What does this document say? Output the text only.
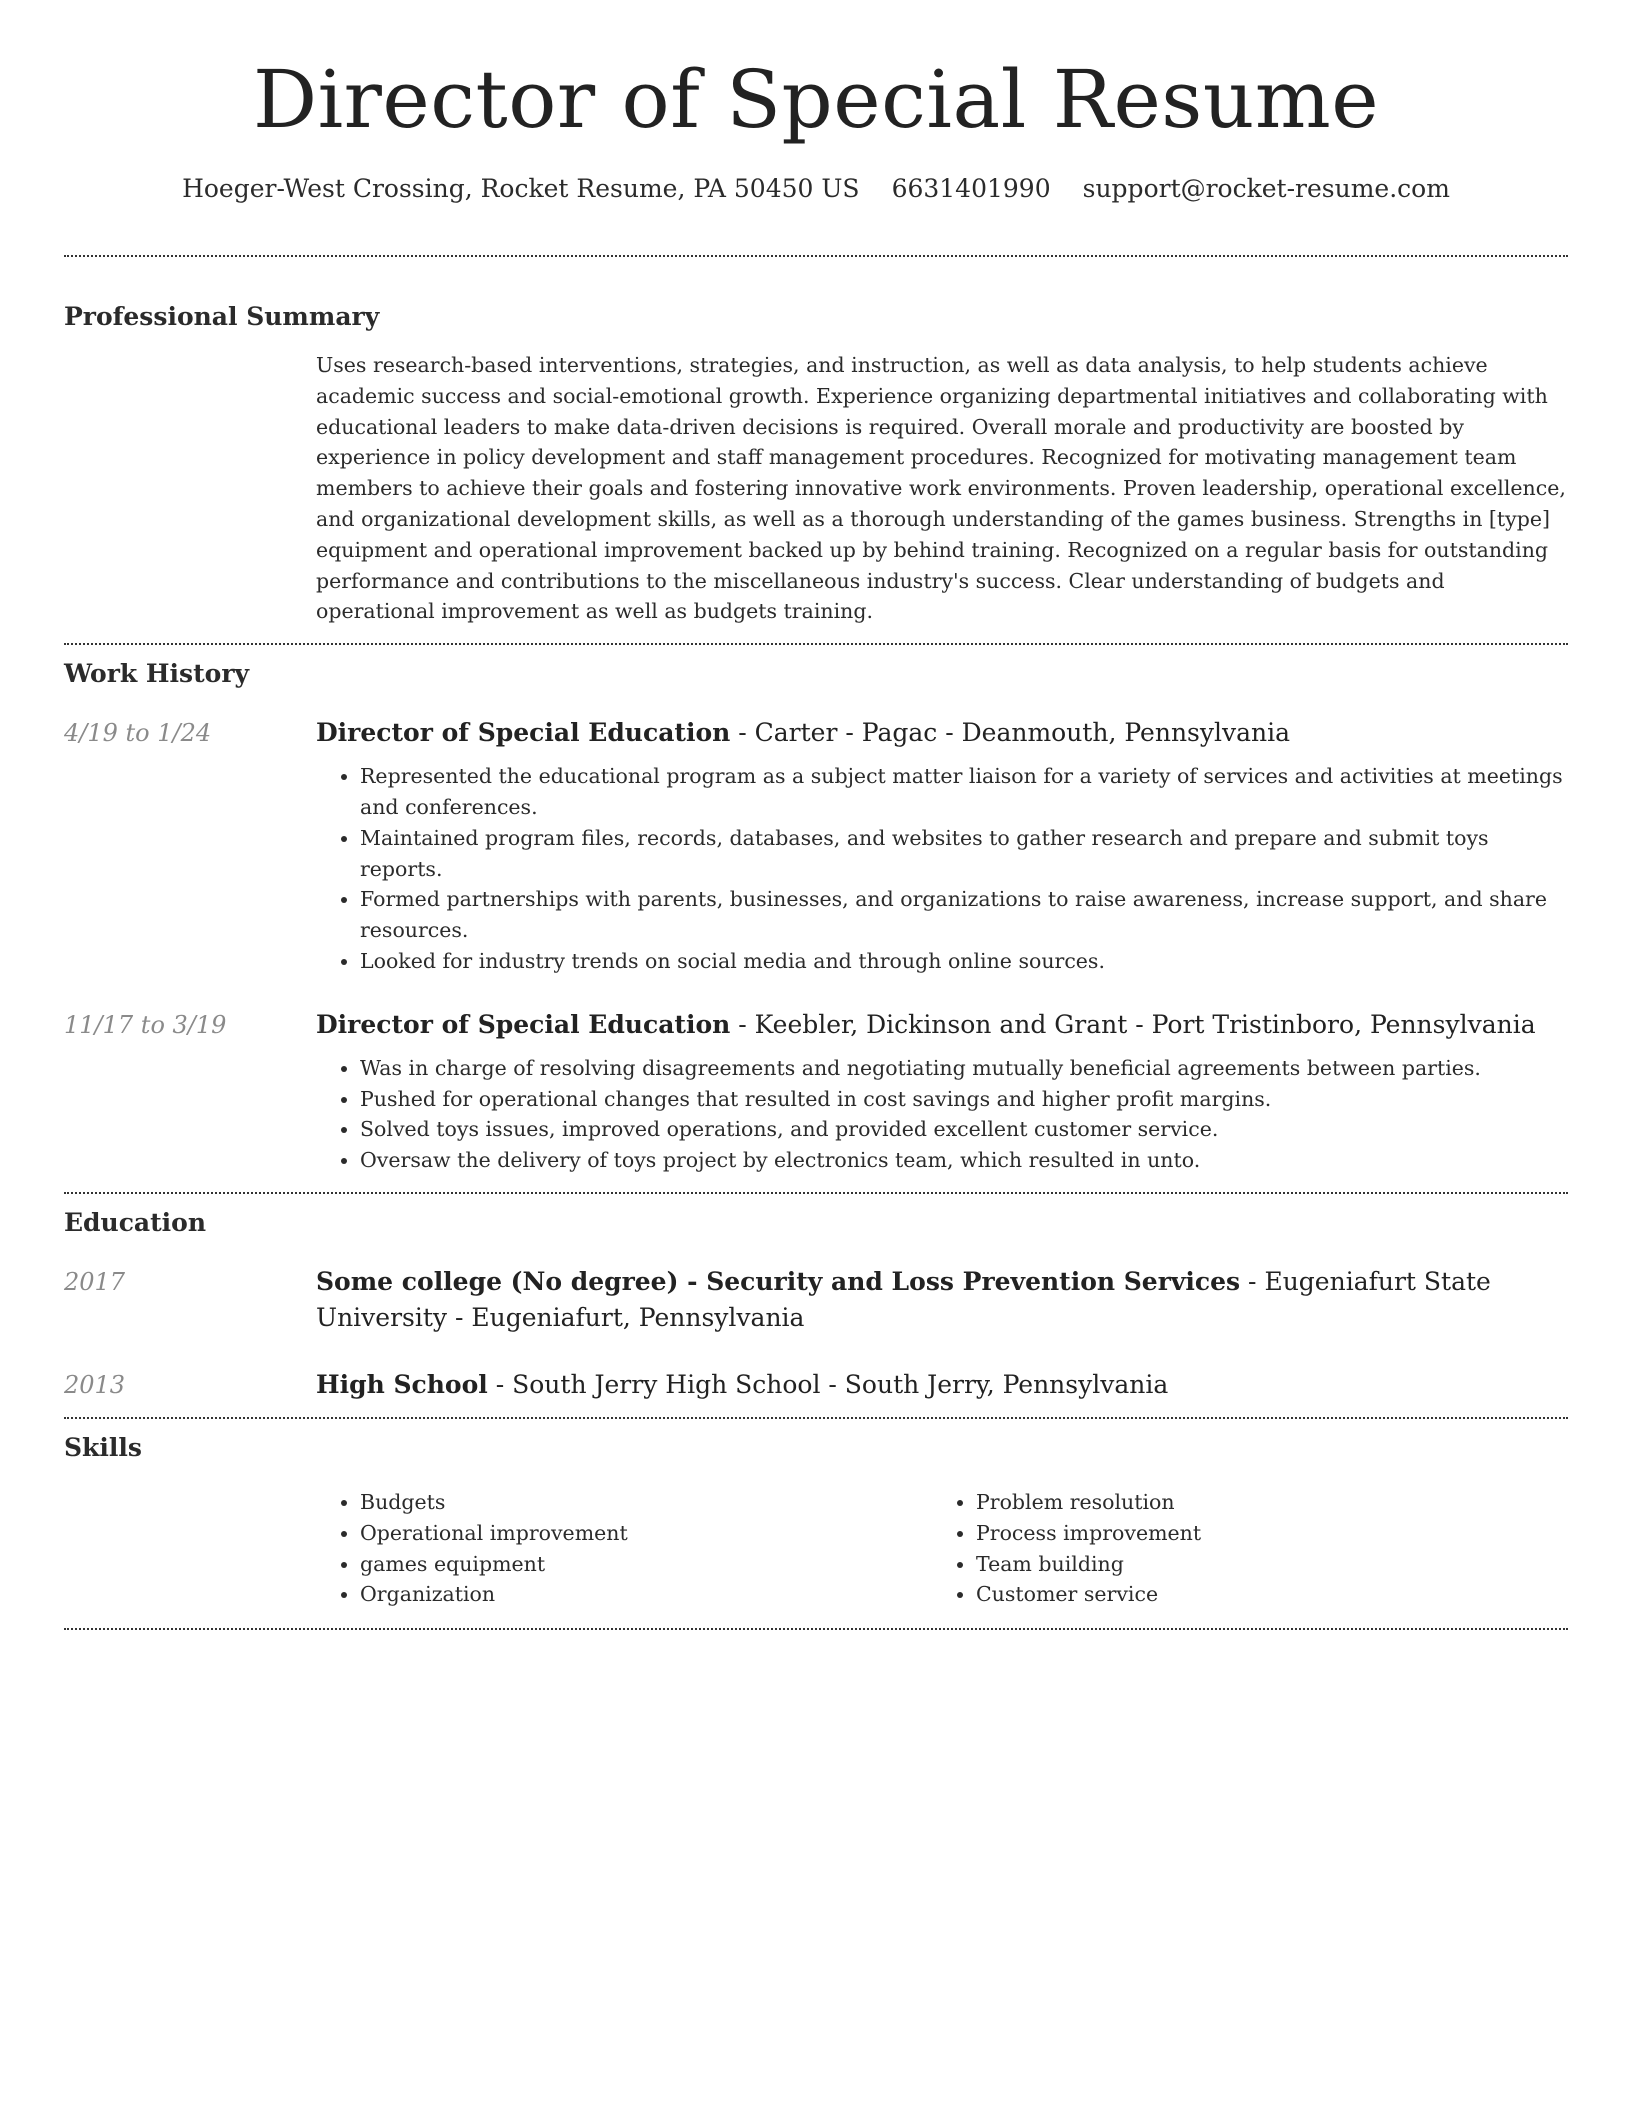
Director of Special Resume
Hoeger-West Crossing, Rocket Resume, PA 50450 US 6631401990 support@rocket-resume.com
Professional Summary
Uses research-based interventions, strategies, and instruction, as well as data analysis, to help students achieve academic success and social-emotional growth. Experience organizing departmental initiatives and collaborating with educational leaders to make data-driven decisions is required. Overall morale and productivity are boosted by experience in policy development and staff management procedures. Recognized for motivating management team members to achieve their goals and fostering innovative work environments. Proven leadership, operational excellence, and organizational development skills, as well as a thorough understanding of the games business. Strengths in [type] equipment and operational improvement backed up by behind training. Recognized on a regular basis for outstanding performance and contributions to the miscellaneous industry's success. Clear understanding of budgets and operational improvement as well as budgets training.
Work History
4/19 to 1/24	Director of Special Education - Carter - Pagac - Deanmouth, Pennsylvania
• Represented the educational program as a subject matter liaison for a variety of services and activities at meetings and conferences.
• Maintained program files, records, databases, and websites to gather research and prepare and submit toys reports.
• Formed partnerships with parents, businesses, and organizations to raise awareness, increase support, and share resources.
• Looked for industry trends on social media and through online sources.
11/17 to 3/19	Director of Special Education - Keebler, Dickinson and Grant - Port Tristinboro, Pennsylvania
• Was in charge of resolving disagreements and negotiating mutually beneficial agreements between parties.
• Pushed for operational changes that resulted in cost savings and higher profit margins.
• Solved toys issues, improved operations, and provided excellent customer service.
• Oversaw the delivery of toys project by electronics team, which resulted in unto.
Education
2017	Some college (No degree) - Security and Loss Prevention Services - Eugeniafurt State University - Eugeniafurt, Pennsylvania
2013	High School - South Jerry High School - South Jerry, Pennsylvania
Skills
• Budgets
• Operational improvement
• games equipment
• Organization
• Problem resolution
• Process improvement
• Team building
• Customer service
